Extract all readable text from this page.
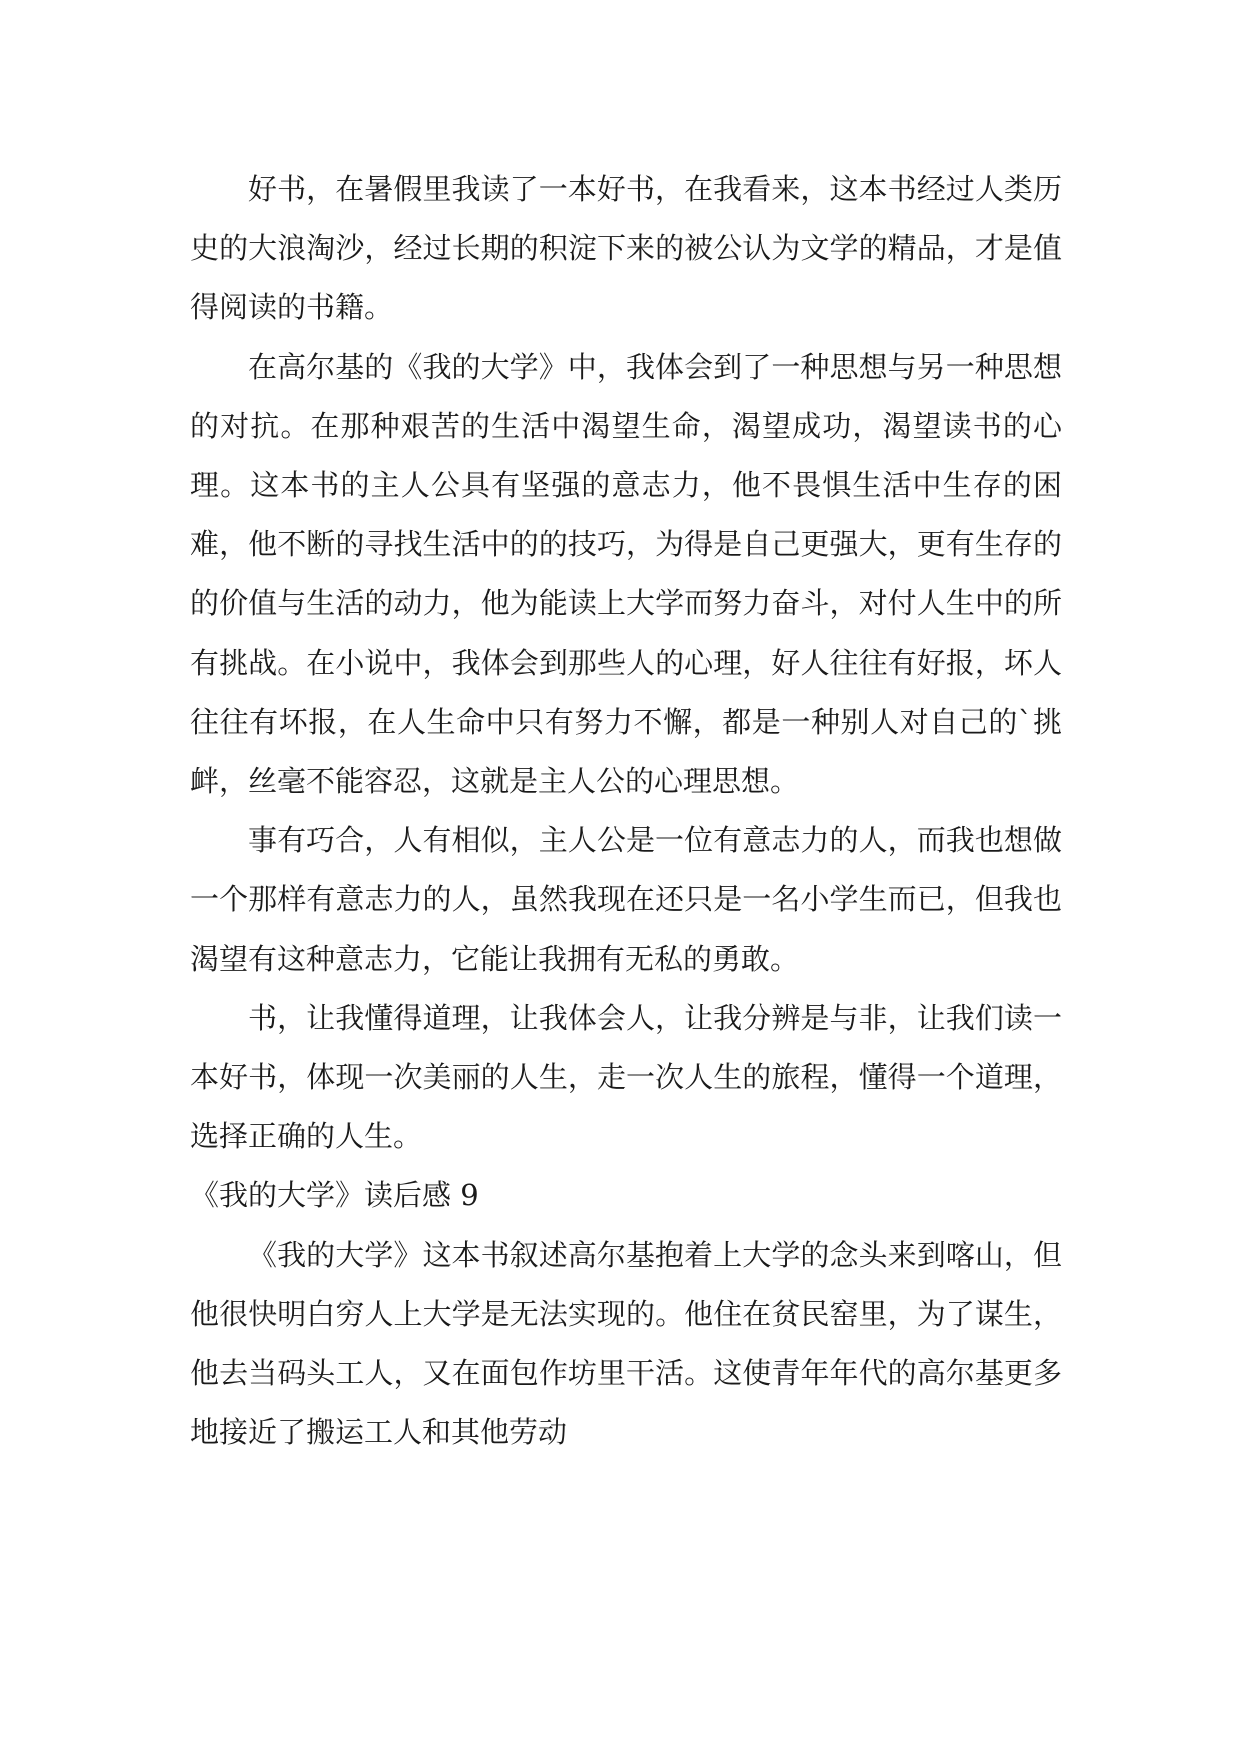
好书，在暑假里我读了一本好书，在我看来，这本书经过人类历史的大浪淘沙，经过长期的积淀下来的被公认为文学的精品，才是值得阅读的书籍。

在高尔基的《我的大学》中，我体会到了一种思想与另一种思想的对抗。在那种艰苦的生活中渴望生命，渴望成功，渴望读书的心理。这本书的主人公具有坚强的意志力，他不畏惧生活中生存的困难，他不断的寻找生活中的的技巧，为得是自己更强大，更有生存的的价值与生活的动力，他为能读上大学而努力奋斗，对付人生中的所有挑战。在小说中，我体会到那些人的心理，好人往往有好报，坏人往往有坏报，在人生命中只有努力不懈，都是一种别人对自己的`挑衅，丝毫不能容忍，这就是主人公的心理思想。

事有巧合，人有相似，主人公是一位有意志力的人，而我也想做一个那样有意志力的人，虽然我现在还只是一名小学生而已，但我也渴望有这种意志力，它能让我拥有无私的勇敢。

书，让我懂得道理，让我体会人，让我分辨是与非，让我们读一本好书，体现一次美丽的人生，走一次人生的旅程，懂得一个道理，选择正确的人生。

《我的大学》读后感 9

《我的大学》这本书叙述高尔基抱着上大学的念头来到喀山，但他很快明白穷人上大学是无法实现的。他住在贫民窑里，为了谋生，他去当码头工人，又在面包作坊里干活。这使青年年代的高尔基更多地接近了搬运工人和其他劳动
